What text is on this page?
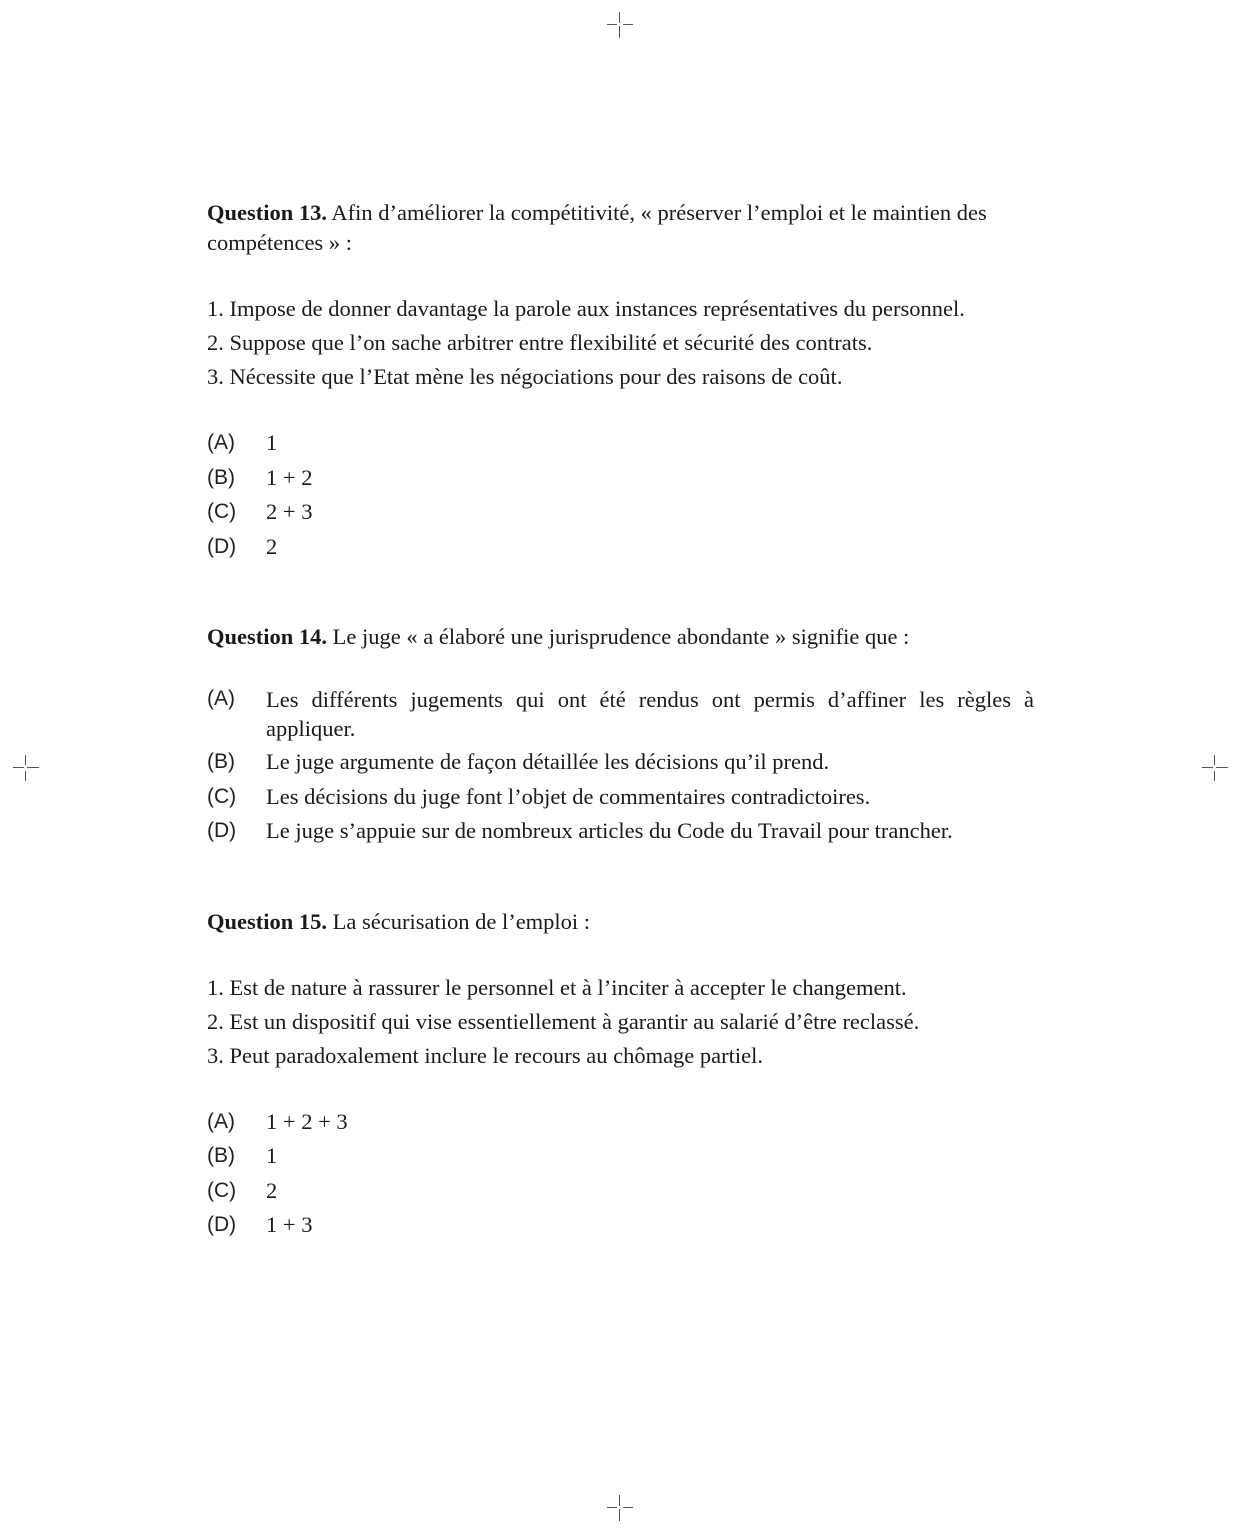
Question 13. Afin d’améliorer la compétitivité, « préserver l’emploi et le maintien des compétences » :

1. Impose de donner davantage la parole aux instances représentatives du personnel.
2. Suppose que l’on sache arbitrer entre flexibilité et sécurité des contrats.
3. Nécessite que l’Etat mène les négociations pour des raisons de coût.
(A)	1
(B)	1 + 2
(C)	2 + 3
(D)	2

Question 14. Le juge « a élaboré une jurisprudence abondante » signifie que :

(A)	Les différents jugements qui ont été rendus ont permis d’affiner les règles à appliquer.
(B)	Le juge argumente de façon détaillée les décisions qu’il prend.
(C)	Les décisions du juge font l’objet de commentaires contradictoires.
(D)	Le juge s’appuie sur de nombreux articles du Code du Travail pour trancher.

Question 15. La sécurisation de l’emploi :

1. Est de nature à rassurer le personnel et à l’inciter à accepter le changement.
2. Est un dispositif qui vise essentiellement à garantir au salarié d’être reclassé.
3. Peut paradoxalement inclure le recours au chômage partiel.
(A)	1 + 2 + 3
(B)	1
(C)	2
(D)	1 + 3
